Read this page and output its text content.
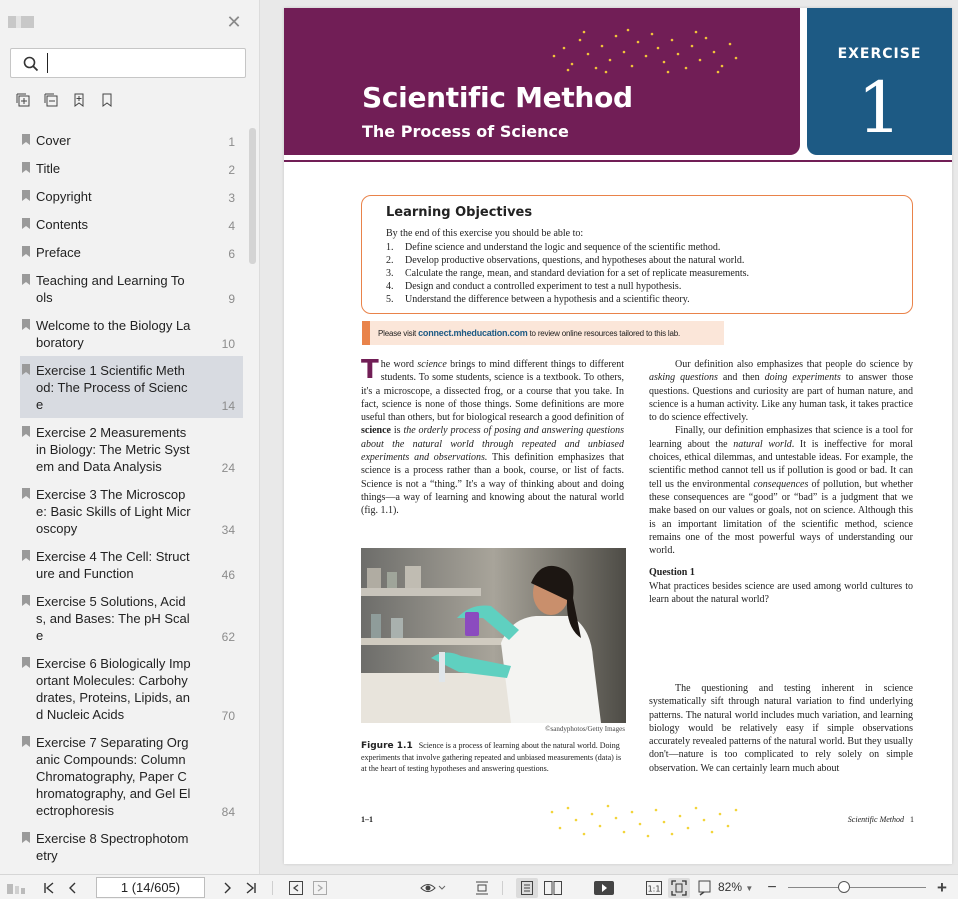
✕
Cover	1
Title	2
Copyright	3
Contents	4
Preface	6
Teaching and Learning Tools	9
Welcome to the Biology Laboratory	10
Exercise 1 Scientific Method: The Process of Science	14
Exercise 2 Measurements in Biology: The Metric System and Data Analysis	24
Exercise 3 The Microscope: Basic Skills of Light Microscopy	34
Exercise 4 The Cell: Structure and Function	46
Exercise 5 Solutions, Acids, and Bases: The pH Scale	62
Exercise 6 Biologically Important Molecules: Carbohydrates, Proteins, Lipids, and Nucleic Acids	70
Exercise 7 Separating Organic Compounds: Column Chromatography, Paper Chromatography, and Gel Electrophoresis	84
Exercise 8 Spectrophotometry
Scientific Method
The Process of Science
EXERCISE
1
Learning Objectives
By the end of this exercise you should be able to:
1. Define science and understand the logic and sequence of the scientific method.
2. Develop productive observations, questions, and hypotheses about the natural world.
3. Calculate the range, mean, and standard deviation for a set of replicate measurements.
4. Design and conduct a controlled experiment to test a null hypothesis.
5. Understand the difference between a hypothesis and a scientific theory.
Please visit connect.mheducation.com to review online resources tailored to this lab.
The word science brings to mind different things to different students. To some students, science is a textbook. To others, it's a microscope, a dissected frog, or a course that you take. In fact, science is none of those things. Some definitions are more useful than others, but for biological research a good definition of science is the orderly process of posing and answering questions about the natural world through repeated and unbiased experiments and observations. This definition emphasizes that science is a process rather than a book, course, or list of facts. Science is not a “thing.” It's a way of thinking about and doing things—a way of learning and knowing about the natural world (fig. 1.1).

Our definition also emphasizes that people do science by asking questions and then doing experiments to answer those questions. Questions and curiosity are part of human nature, and science is a human activity. Like any human task, it takes practice to do science effectively.

Finally, our definition emphasizes that science is a tool for learning about the natural world. It is ineffective for moral choices, ethical dilemmas, and untestable ideas. For example, the scientific method cannot tell us if pollution is good or bad. It can tell us the environmental consequences of pollution, but whether these consequences are “good” or “bad” is a judgment that we make based on our values or goals, not on science. Although this is an important limitation of the scientific method, science remains one of the most powerful ways of understanding our world.

Question 1

What practices besides science are used among world cultures to learn about the natural world?

The questioning and testing inherent in science systematically sift through natural variation to find underlying patterns. The natural world includes much variation, and learning biology would be relatively easy if simple observations accurately revealed patterns of the natural world. But they usually don't—nature is too complicated to rely solely on simple observation. We can certainly learn much about

©sandyphotos/Getty Images
Figure 1.1 Science is a process of learning about the natural world. Doing experiments that involve gathering repeated and unbiased measurements (data) is at the heart of testing hypotheses and answering questions.
1–1	Scientific Method 1
1 (14/605)
1:1	82% ▼ −	+
